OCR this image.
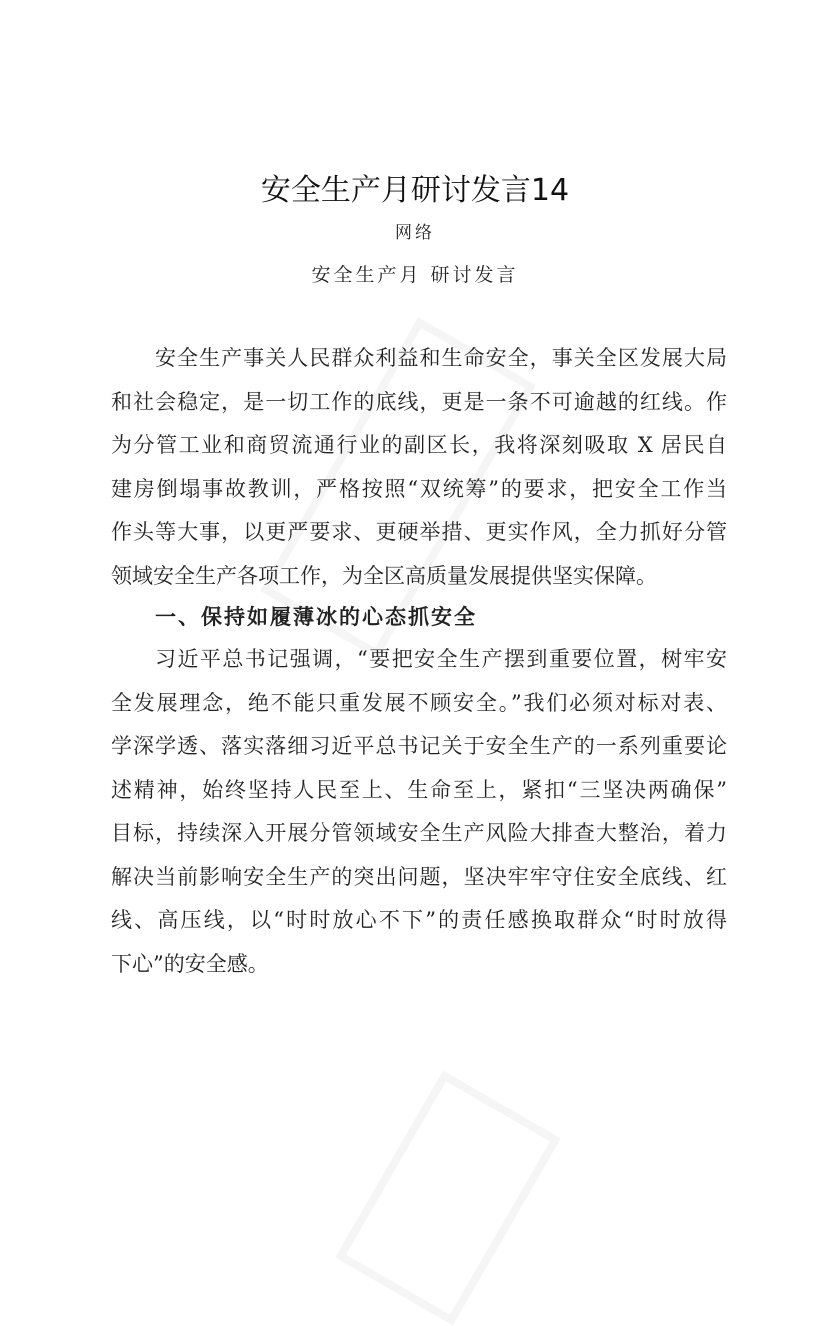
安全生产月研讨发言14
网络
安全生产月 研讨发言
安全生产事关人民群众利益和生命安全，事关全区发展大局
和社会稳定，是一切工作的底线，更是一条不可逾越的红线。作
为分管工业和商贸流通行业的副区长，我将深刻吸取 X 居民自
建房倒塌事故教训，严格按照“双统筹”的要求，把安全工作当
作头等大事，以更严要求、更硬举措、更实作风，全力抓好分管
领域安全生产各项工作，为全区高质量发展提供坚实保障。
一、保持如履薄冰的心态抓安全
习近平总书记强调，“要把安全生产摆到重要位置，树牢安
全发展理念，绝不能只重发展不顾安全。”我们必须对标对表、
学深学透、落实落细习近平总书记关于安全生产的一系列重要论
述精神，始终坚持人民至上、生命至上，紧扣“三坚决两确保”
目标，持续深入开展分管领域安全生产风险大排查大整治，着力
解决当前影响安全生产的突出问题，坚决牢牢守住安全底线、红
线、高压线，以“时时放心不下”的责任感换取群众“时时放得
下心”的安全感。
